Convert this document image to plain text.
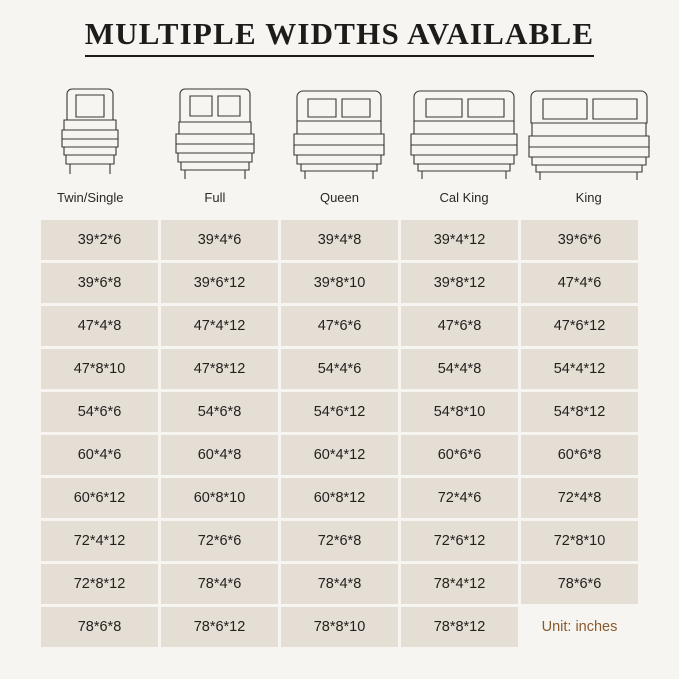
MULTIPLE WIDTHS AVAILABLE
Twin/Single	Full	Queen	Cal King	King
39*2*6	39*4*6	39*4*8	39*4*12	39*6*6
39*6*8	39*6*12	39*8*10	39*8*12	47*4*6
47*4*8	47*4*12	47*6*6	47*6*8	47*6*12
47*8*10	47*8*12	54*4*6	54*4*8	54*4*12
54*6*6	54*6*8	54*6*12	54*8*10	54*8*12
60*4*6	60*4*8	60*4*12	60*6*6	60*6*8
60*6*12	60*8*10	60*8*12	72*4*6	72*4*8
72*4*12	72*6*6	72*6*8	72*6*12	72*8*10
72*8*12	78*4*6	78*4*8	78*4*12	78*6*6
78*6*8	78*6*12	78*8*10	78*8*12	Unit: inches
